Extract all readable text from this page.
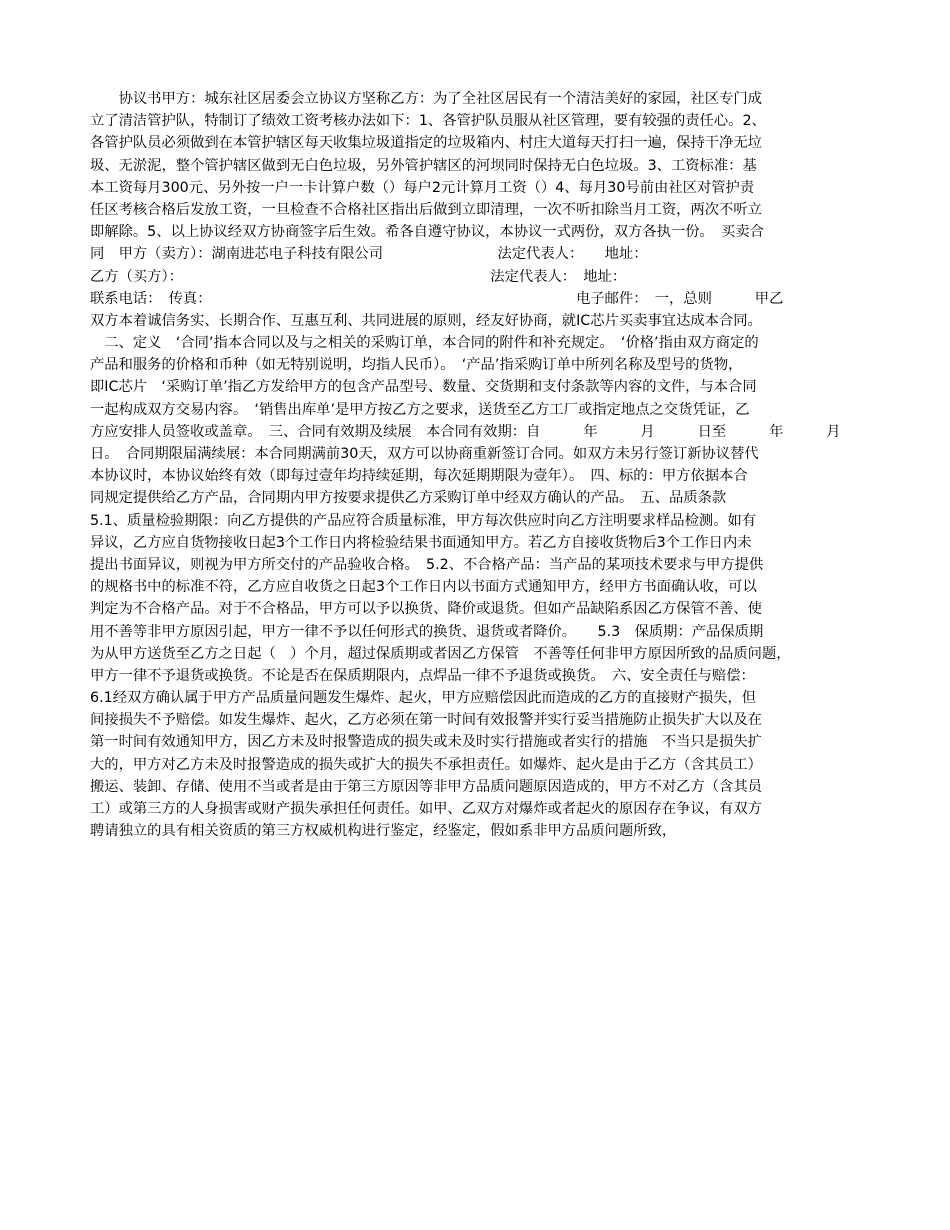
　　协议书甲方：城东社区居委会立协议方坚称乙方：为了全社区居民有一个清洁美好的家园，社区专门成
立了清洁管护队，特制订了绩效工资考核办法如下：1、各管护队员服从社区管理，要有较强的责任心。2、
各管护队员必须做到在本管护辖区每天收集垃圾道指定的垃圾箱内、村庄大道每天打扫一遍，保持干净无垃
圾、无淤泥，整个管护辖区做到无白色垃圾，另外管护辖区的河坝同时保持无白色垃圾。3、工资标准：基
本工资每月300元、另外按一户一卡计算户数（）每户2元计算月工资（）4、每月30号前由社区对管护责
任区考核合格后发放工资，一旦检查不合格社区指出后做到立即清理，一次不听扣除当月工资，两次不听立
即解除。5、以上协议经双方协商签字后生效。希各自遵守协议，本协议一式两份，双方各执一份。　买卖合
同　甲方（卖方）：湖南进芯电子科技有限公司　　　　　　　　法定代表人：　　地址：
乙方（买方）：　　　　　　　　　　　　　　　　　　　　　　法定代表人：　地址：
联系电话：　传真：　　　　　　　　　　　　　　　　　　　　　　　　　　电子邮件：　一，总则　　　甲乙
双方本着诚信务实、长期合作、互惠互利、共同进展的原则，经友好协商，就IC芯片买卖事宜达成本合同。
　二、定义　‘合同’指本合同以及与之相关的采购订单，本合同的附件和补充规定。　‘价格’指由双方商定的
产品和服务的价格和币种（如无特别说明，均指人民币）。　‘产品’指采购订单中所列名称及型号的货物，
即IC芯片　‘采购订单’指乙方发给甲方的包含产品型号、数量、交货期和支付条款等内容的文件，与本合同
一起构成双方交易内容。　‘销售出库单’是甲方按乙方之要求，送货至乙方工厂或指定地点之交货凭证，乙
方应安排人员签收或盖章。　三、合同有效期及续展　本合同有效期：自　　　年　　　月　　　日至　　　年　　　月
日。　合同期限届满续展：本合同期满前30天，双方可以协商重新签订合同。如双方未另行签订新协议替代
本协议时，本协议始终有效（即每过壹年均持续延期，每次延期期限为壹年）。　四、标的：甲方依据本合
同规定提供给乙方产品，合同期内甲方按要求提供乙方采购订单中经双方确认的产品。　五、品质条款
5.1、质量检验期限：向乙方提供的产品应符合质量标准，甲方每次供应时向乙方注明要求样品检测。如有
异议，乙方应自货物接收日起3个工作日内将检验结果书面通知甲方。若乙方自接收货物后3个工作日内未
提出书面异议，则视为甲方所交付的产品验收合格。　5.2、不合格产品：当产品的某项技术要求与甲方提供
的规格书中的标准不符，乙方应自收货之日起3个工作日内以书面方式通知甲方，经甲方书面确认收，可以
判定为不合格产品。对于不合格品，甲方可以予以换货、降价或退货。但如产品缺陷系因乙方保管不善、使
用不善等非甲方原因引起，甲方一律不予以任何形式的换货、退货或者降价。　　5.3　保质期：产品保质期
为从甲方送货至乙方之日起（　）个月，超过保质期或者因乙方保管　不善等任何非甲方原因所致的品质问题，
甲方一律不予退货或换货。不论是否在保质期限内，点焊品一律不予退货或换货。　六、安全责任与赔偿：
6.1经双方确认属于甲方产品质量问题发生爆炸、起火，甲方应赔偿因此而造成的乙方的直接财产损失，但
间接损失不予赔偿。如发生爆炸、起火，乙方必须在第一时间有效报警并实行妥当措施防止损失扩大以及在
第一时间有效通知甲方，因乙方未及时报警造成的损失或未及时实行措施或者实行的措施　不当只是损失扩
大的，甲方对乙方未及时报警造成的损失或扩大的损失不承担责任。如爆炸、起火是由于乙方（含其员工）
搬运、装卸、存储、使用不当或者是由于第三方原因等非甲方品质问题原因造成的，甲方不对乙方（含其员
工）或第三方的人身损害或财产损失承担任何责任。如甲、乙双方对爆炸或者起火的原因存在争议，有双方
聘请独立的具有相关资质的第三方权威机构进行鉴定，经鉴定，假如系非甲方品质问题所致，
